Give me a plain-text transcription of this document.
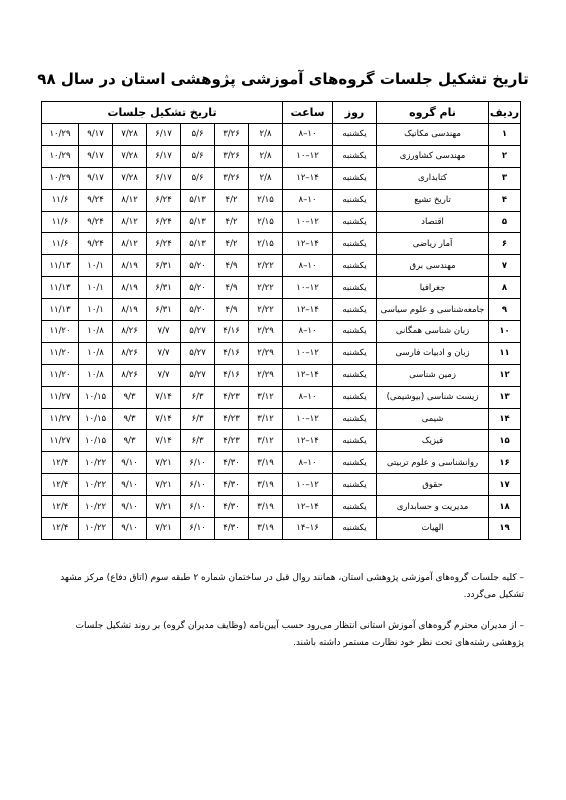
تاریخ تشکیل جلسات گروه‌های آموزشی پژوهشی استان در سال ۹۸
ردیف	نام گروه	روز	ساعت	تاریخ تشکیل جلسات						
۱	مهندسی مکانیک	یکشنبه	۱۰–۸	۲/۸	۳/۲۶	۵/۶	۶/۱۷	۷/۲۸	۹/۱۷	۱۰/۲۹
۲	مهندسی کشاورزی	یکشنبه	۱۲–۱۰	۲/۸	۳/۲۶	۵/۶	۶/۱۷	۷/۲۸	۹/۱۷	۱۰/۲۹
۳	کتابداری	یکشنبه	۱۴–۱۲	۲/۸	۳/۲۶	۵/۶	۶/۱۷	۷/۲۸	۹/۱۷	۱۰/۲۹
۴	تاریخ تشیع	یکشنبه	۱۰–۸	۲/۱۵	۴/۲	۵/۱۳	۶/۲۴	۸/۱۲	۹/۲۴	۱۱/۶
۵	اقتصاد	یکشنبه	۱۲–۱۰	۲/۱۵	۴/۲	۵/۱۳	۶/۲۴	۸/۱۲	۹/۲۴	۱۱/۶
۶	آمار ریاضی	یکشنبه	۱۴–۱۲	۲/۱۵	۴/۲	۵/۱۳	۶/۲۴	۸/۱۲	۹/۲۴	۱۱/۶
۷	مهندسی برق	یکشنبه	۱۰–۸	۲/۲۲	۴/۹	۵/۲۰	۶/۳۱	۸/۱۹	۱۰/۱	۱۱/۱۳
۸	جغرافیا	یکشنبه	۱۲–۱۰	۲/۲۲	۴/۹	۵/۲۰	۶/۳۱	۸/۱۹	۱۰/۱	۱۱/۱۳
۹	جامعه‌شناسی و علوم سیاسی	یکشنبه	۱۴–۱۲	۲/۲۲	۴/۹	۵/۲۰	۶/۳۱	۸/۱۹	۱۰/۱	۱۱/۱۳
۱۰	زبان شناسی همگانی	یکشنبه	۱۰–۸	۲/۲۹	۴/۱۶	۵/۲۷	۷/۷	۸/۲۶	۱۰/۸	۱۱/۲۰
۱۱	زبان و ادبیات فارسی	یکشنبه	۱۲–۱۰	۲/۲۹	۴/۱۶	۵/۲۷	۷/۷	۸/۲۶	۱۰/۸	۱۱/۲۰
۱۲	زمین شناسی	یکشنبه	۱۴–۱۲	۲/۲۹	۴/۱۶	۵/۲۷	۷/۷	۸/۲۶	۱۰/۸	۱۱/۲۰
۱۳	زیست شناسی (بیوشیمی)	یکشنبه	۱۰–۸	۳/۱۲	۴/۲۳	۶/۳	۷/۱۴	۹/۳	۱۰/۱۵	۱۱/۲۷
۱۴	شیمی	یکشنبه	۱۲–۱۰	۳/۱۲	۴/۲۳	۶/۳	۷/۱۴	۹/۳	۱۰/۱۵	۱۱/۲۷
۱۵	فیزیک	یکشنبه	۱۴–۱۲	۳/۱۲	۴/۲۳	۶/۳	۷/۱۴	۹/۳	۱۰/۱۵	۱۱/۲۷
۱۶	روانشناسی و علوم تربیتی	یکشنبه	۱۰–۸	۳/۱۹	۴/۳۰	۶/۱۰	۷/۲۱	۹/۱۰	۱۰/۲۲	۱۲/۴
۱۷	حقوق	یکشنبه	۱۲–۱۰	۳/۱۹	۴/۳۰	۶/۱۰	۷/۲۱	۹/۱۰	۱۰/۲۲	۱۲/۴
۱۸	مدیریت و حسابداری	یکشنبه	۱۴–۱۲	۳/۱۹	۴/۳۰	۶/۱۰	۷/۲۱	۹/۱۰	۱۰/۲۲	۱۲/۴
۱۹	الهیات	یکشنبه	۱۶–۱۴	۳/۱۹	۴/۳۰	۶/۱۰	۷/۲۱	۹/۱۰	۱۰/۲۲	۱۲/۴

– کلیه جلسات گروه‌های آموزشی پژوهشی استان، همانند روال قبل در ساختمان شماره ۲ طبقه سوم (اتاق دفاع) مرکز مشهد تشکیل می‌گردد.

– از مدیران محترم گروه‌های آموزش استانی انتظار می‌رود حسب آیین‌نامه (وظایف مدیران گروه) بر روند تشکیل جلسات پژوهشی رشته‌های تحت نظر خود نظارت مستمر داشته باشند.
